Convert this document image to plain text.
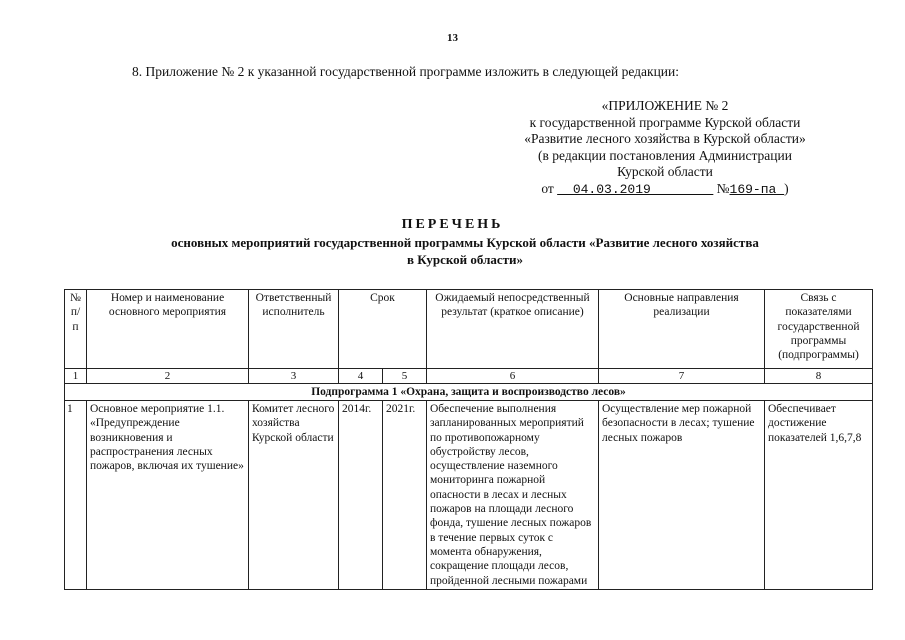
13
8. Приложение № 2 к указанной государственной программе изложить в следующей редакции:
«ПРИЛОЖЕНИЕ № 2
к государственной программе Курской области
«Развитие лесного хозяйства в Курской области»
(в редакции постановления Администрации
Курской области
от __04.03.2019________ №169-па_)
ПЕРЕЧЕНЬ
основных мероприятий государственной программы Курской области «Развитие лесного хозяйства
в Курской области»
№ п/п	Номер и наименование основного мероприятия	Ответственный исполнитель	Срок		Ожидаемый непосредственный результат (краткое описание)	Основные направления реализации	Связь с показателями государственной программы (подпрограммы)
1	2	3	4	5	6	7	8
Подпрограмма 1 «Охрана, защита и воспроизводство лесов»							
1	Основное мероприятие 1.1. «Предупреждение возникновения и распространения лесных пожаров, включая их тушение»	Комитет лесного хозяйства Курской области	2014г.	2021г.	Обеспечение выполнения запланированных мероприятий по противопожарному обустройству лесов, осуществление наземного мониторинга пожарной опасности в лесах и лесных пожаров на площади лесного фонда, тушение лесных пожаров в течение первых суток с момента обнаружения, сокращение площади лесов, пройденной лесными пожарами	Осуществление мер пожарной безопасности в лесах; тушение лесных пожаров	Обеспечивает достижение показателей 1,6,7,8
